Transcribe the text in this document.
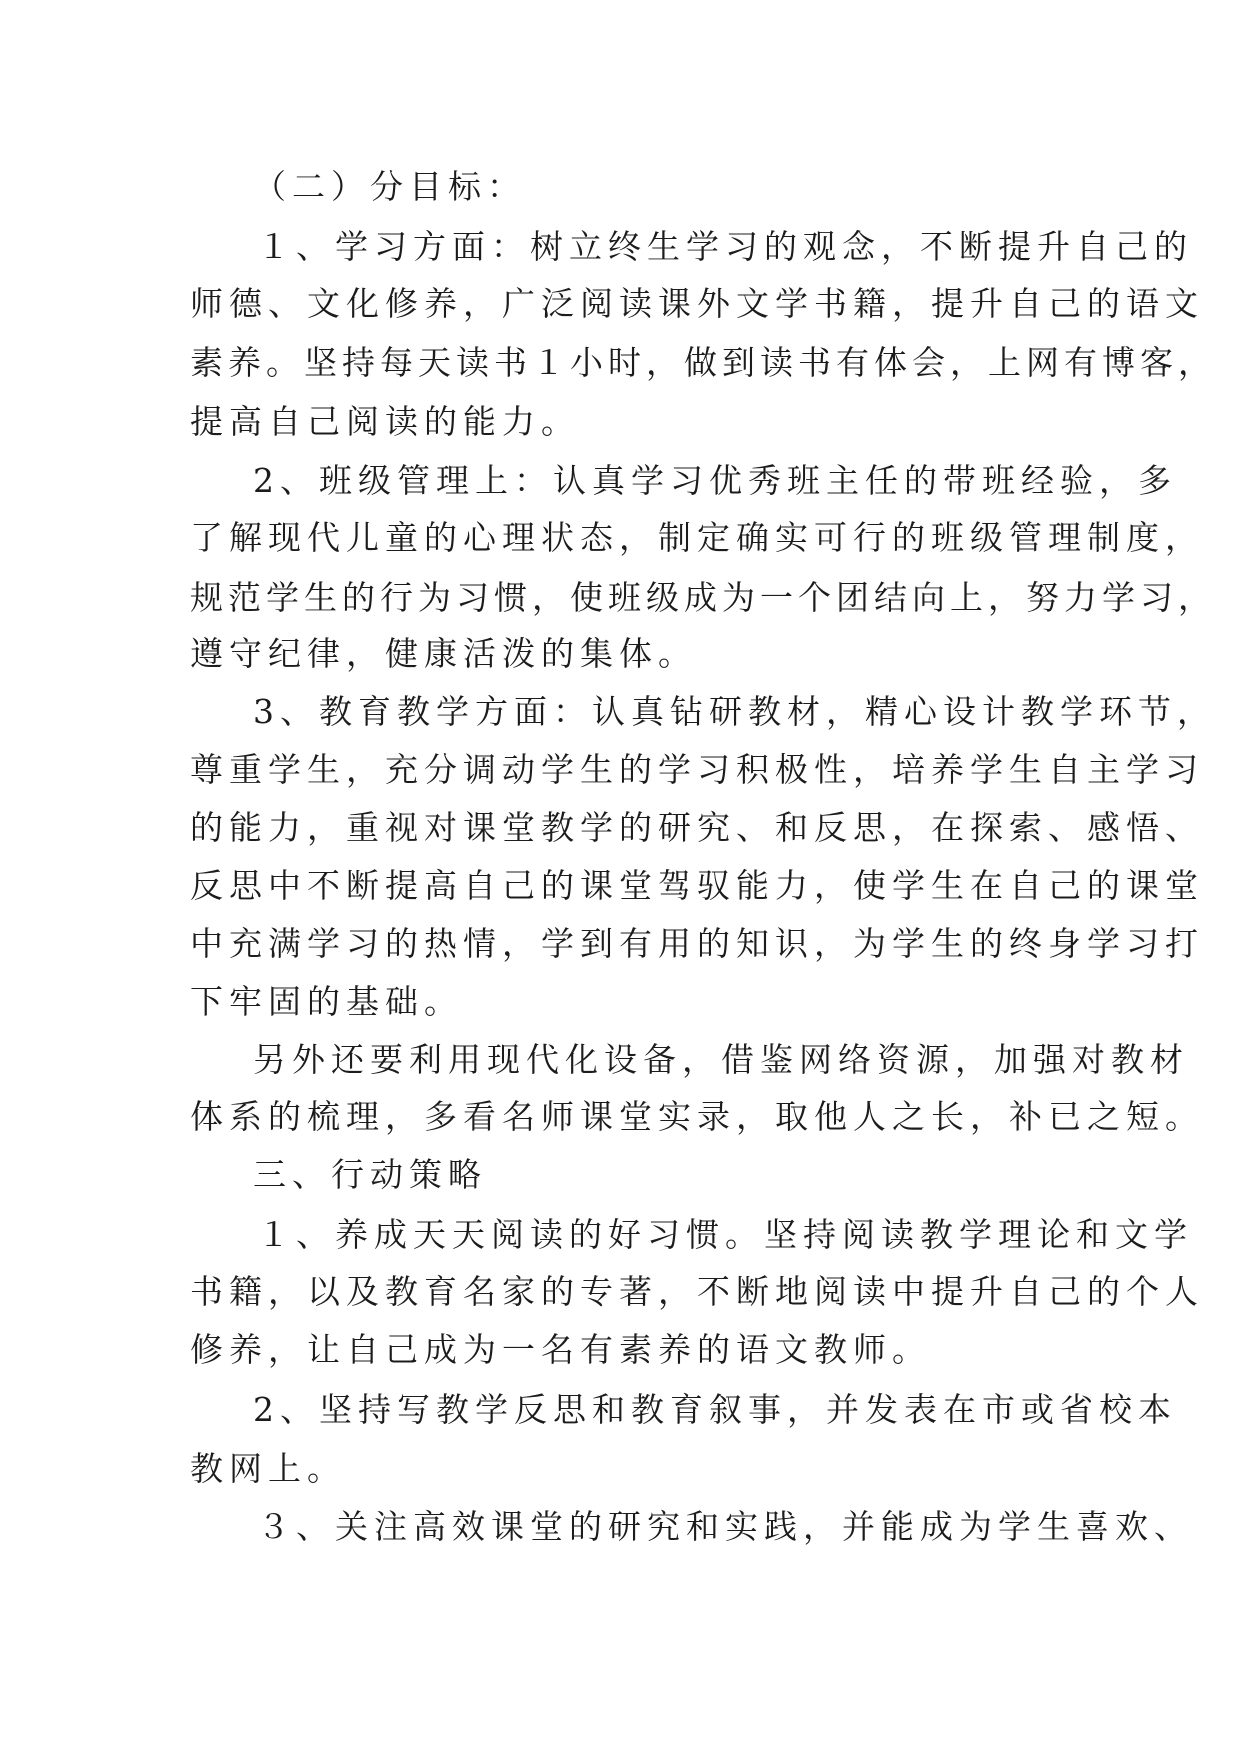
（二）分目标：

１、学习方面：树立终生学习的观念，不断提升自己的

师德、文化修养，广泛阅读课外文学书籍，提升自己的语文

素养。坚持每天读书１小时，做到读书有体会，上网有博客，

提高自己阅读的能力。

2、班级管理上：认真学习优秀班主任的带班经验，多

了解现代儿童的心理状态，制定确实可行的班级管理制度，

规范学生的行为习惯，使班级成为一个团结向上，努力学习，

遵守纪律，健康活泼的集体。

3、教育教学方面：认真钻研教材，精心设计教学环节，

尊重学生，充分调动学生的学习积极性，培养学生自主学习

的能力，重视对课堂教学的研究、和反思，在探索、感悟、

反思中不断提高自己的课堂驾驭能力，使学生在自己的课堂

中充满学习的热情，学到有用的知识，为学生的终身学习打

下牢固的基础。

另外还要利用现代化设备，借鉴网络资源，加强对教材

体系的梳理，多看名师课堂实录，取他人之长，补已之短。

三、行动策略

１、养成天天阅读的好习惯。坚持阅读教学理论和文学

书籍，以及教育名家的专著，不断地阅读中提升自己的个人

修养，让自己成为一名有素养的语文教师。

2、坚持写教学反思和教育叙事，并发表在市或省校本

教网上。

３、关注高效课堂的研究和实践，并能成为学生喜欢、
